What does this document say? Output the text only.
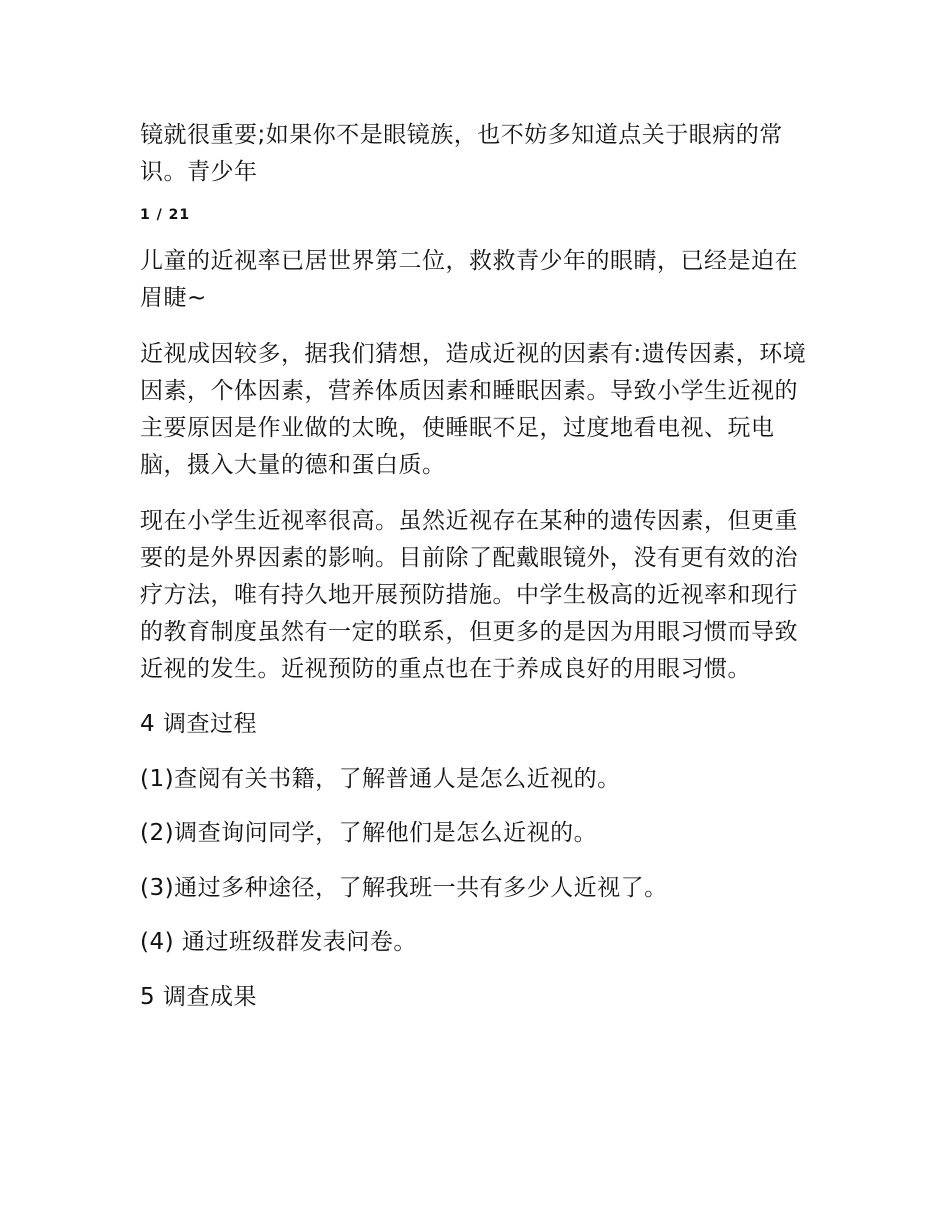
镜就很重要;如果你不是眼镜族，也不妨多知道点关于眼病的常识。青少年

1 / 21

儿童的近视率已居世界第二位，救救青少年的眼睛，已经是迫在眉睫~

近视成因较多，据我们猜想，造成近视的因素有:遗传因素，环境因素，个体因素，营养体质因素和睡眠因素。导致小学生近视的主要原因是作业做的太晚，使睡眠不足，过度地看电视、玩电脑，摄入大量的德和蛋白质。

现在小学生近视率很高。虽然近视存在某种的遗传因素，但更重要的是外界因素的影响。目前除了配戴眼镜外，没有更有效的治疗方法，唯有持久地开展预防措施。中学生极高的近视率和现行的教育制度虽然有一定的联系，但更多的是因为用眼习惯而导致近视的发生。近视预防的重点也在于养成良好的用眼习惯。

4 调查过程

(1)查阅有关书籍，了解普通人是怎么近视的。

(2)调查询问同学，了解他们是怎么近视的。

(3)通过多种途径，了解我班一共有多少人近视了。

(4) 通过班级群发表问卷。

5 调查成果
